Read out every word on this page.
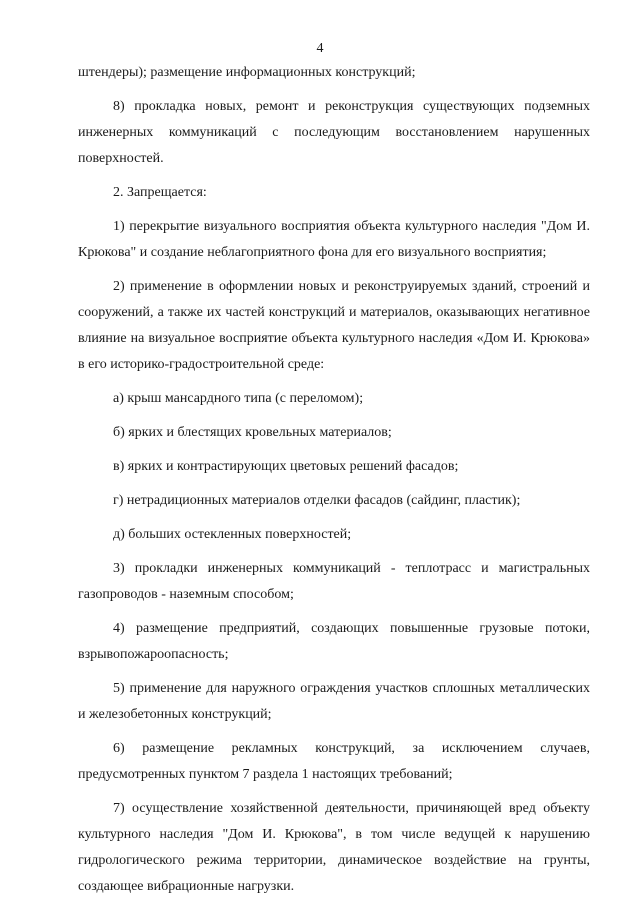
4

штендеры); размещение информационных конструкций;

8) прокладка новых, ремонт и реконструкция существующих подземных инженерных коммуникаций с последующим восстановлением нарушенных поверхностей.

2. Запрещается:

1) перекрытие визуального восприятия объекта культурного наследия "Дом И. Крюкова" и создание неблагоприятного фона для его визуального восприятия;

2) применение в оформлении новых и реконструируемых зданий, строений и сооружений, а также их частей конструкций и материалов, оказывающих негативное влияние на визуальное восприятие объекта культурного наследия «Дом И. Крюкова» в его историко-градостроительной среде:

а) крыш мансардного типа (с переломом);

б) ярких и блестящих кровельных материалов;

в) ярких и контрастирующих цветовых решений фасадов;

г) нетрадиционных материалов отделки фасадов (сайдинг, пластик);

д) больших остекленных поверхностей;

3) прокладки инженерных коммуникаций - теплотрасс и магистральных газопроводов - наземным способом;

4) размещение предприятий, создающих повышенные грузовые потоки, взрывопожароопасность;

5) применение для наружного ограждения участков сплошных металлических и железобетонных конструкций;

6) размещение рекламных конструкций, за исключением случаев, предусмотренных пунктом 7 раздела 1 настоящих требований;

7) осуществление хозяйственной деятельности, причиняющей вред объекту культурного наследия "Дом И. Крюкова", в том числе ведущей к нарушению гидрологического режима территории, динамическое воздействие на грунты, создающее вибрационные нагрузки.
